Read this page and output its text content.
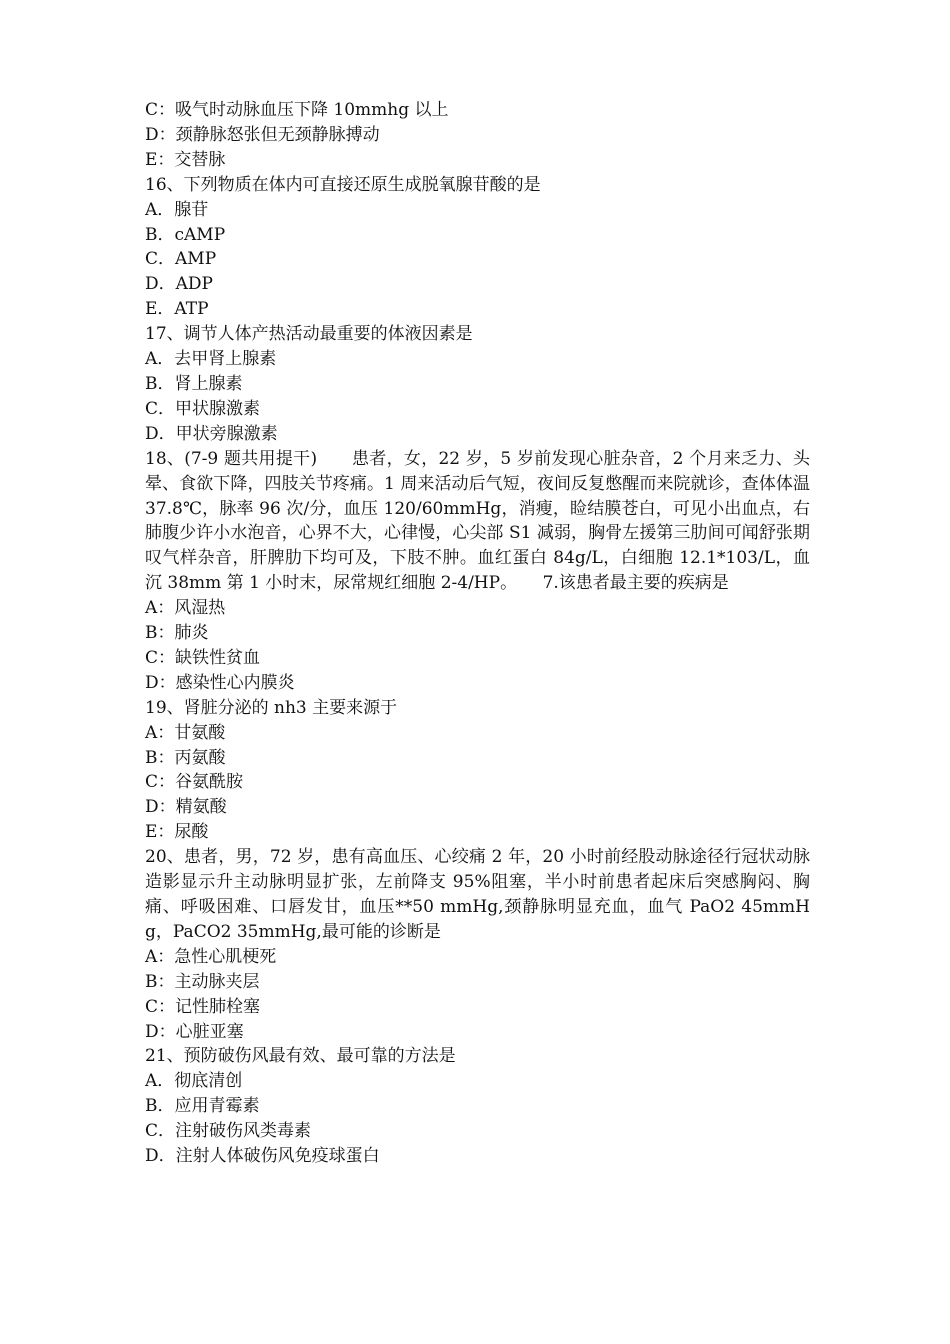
C：吸气时动脉血压下降 10mmhg 以上
D：颈静脉怒张但无颈静脉搏动
E：交替脉
16、下列物质在体内可直接还原生成脱氧腺苷酸的是
A．腺苷
B．cAMP
C．AMP
D．ADP
E．ATP
17、调节人体产热活动最重要的体液因素是
A．去甲肾上腺素
B．肾上腺素
C．甲状腺激素
D．甲状旁腺激素
18、(7-9 题共用提干)　　患者，女，22 岁，5 岁前发现心脏杂音，2 个月来乏力、头晕、食欲下降，四肢关节疼痛。1 周来活动后气短，夜间反复憋醒而来院就诊，查体体温 37.8℃，脉率 96 次/分，血压 120/60mmHg，消瘦，睑结膜苍白，可见小出血点，右肺腹少许小水泡音，心界不大，心律慢，心尖部 S1 减弱，胸骨左援第三肋间可闻舒张期叹气样杂音，肝脾肋下均可及，下肢不肿。血红蛋白 84g/L，白细胞 12.1*103/L，血沉 38mm 第 1 小时末，尿常规红细胞 2-4/HP。　　7.该患者最主要的疾病是
A：风湿热
B：肺炎
C：缺铁性贫血
D：感染性心内膜炎
19、肾脏分泌的 nh3 主要来源于
A：甘氨酸
B：丙氨酸
C：谷氨酰胺
D：精氨酸
E：尿酸
20、患者，男，72 岁，患有高血压、心绞痛 2 年，20 小时前经股动脉途径行冠状动脉造影显示升主动脉明显扩张，左前降支 95%阻塞，半小时前患者起床后突感胸闷、胸痛、呼吸困难、口唇发甘，血压**50 mmHg,颈静脉明显充血，血气 PaO2 45mmHg，PaCO2 35mmHg,最可能的诊断是
A：急性心肌梗死
B：主动脉夹层
C：记性肺栓塞
D：心脏亚塞
21、预防破伤风最有效、最可靠的方法是
A．彻底清创
B．应用青霉素
C．注射破伤风类毒素
D．注射人体破伤风免疫球蛋白
